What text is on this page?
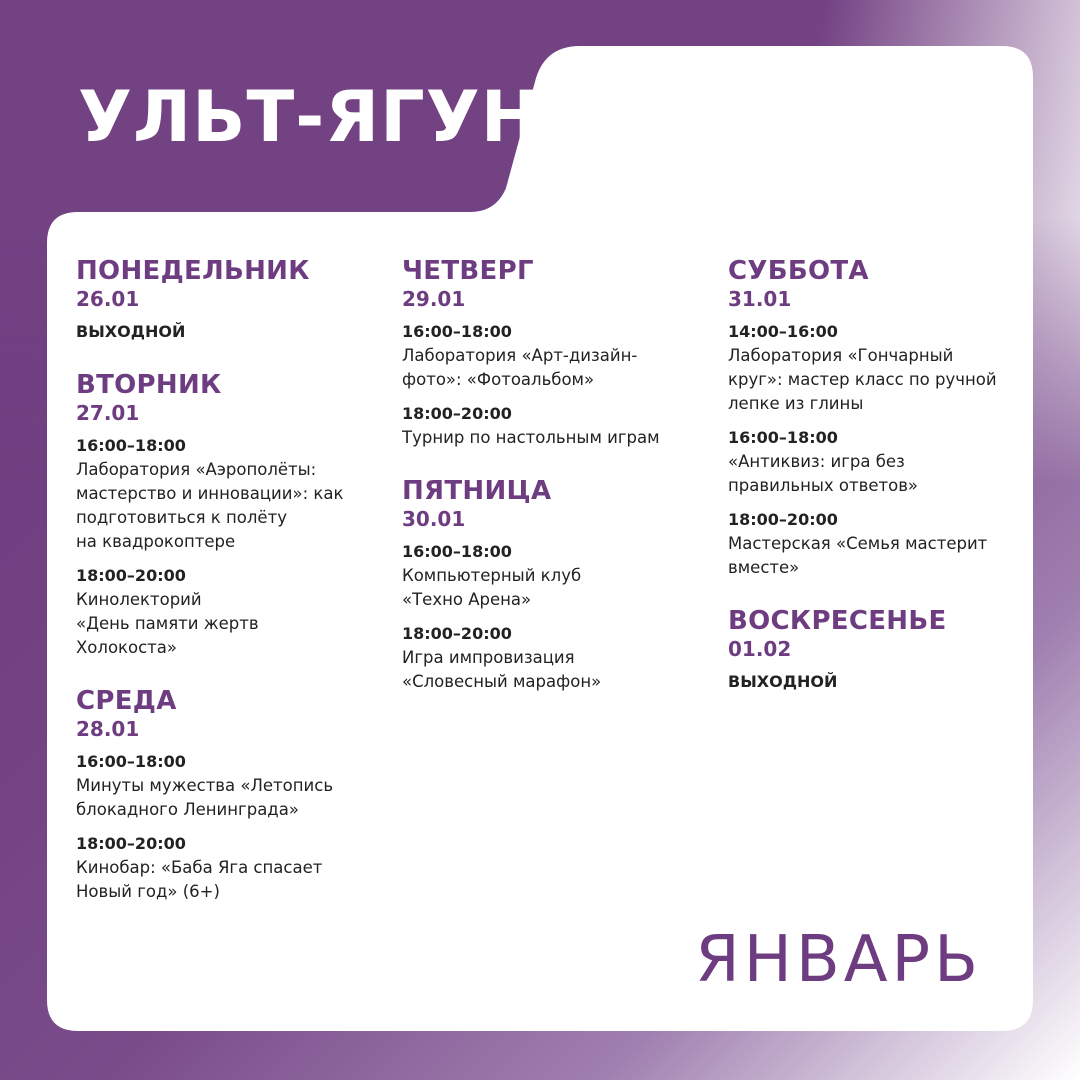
УЛЬТ-ЯГУН
ПОНЕДЕЛЬНИК
26.01
ВЫХОДНОЙ
ВТОРНИК
27.01
16:00–18:00
Лаборатория «Аэрополёты:
мастерство и инновации»: как
подготовиться к полёту
на квадрокоптере
18:00–20:00
Кинолекторий
«День памяти жертв
Холокоста»
СРЕДА
28.01
16:00–18:00
Минуты мужества «Летопись
блокадного Ленинграда»
18:00–20:00
Кинобар: «Баба Яга спасает
Новый год» (6+)
ЧЕТВЕРГ
29.01
16:00–18:00
Лаборатория «Арт-дизайн-
фото»: «Фотоальбом»
18:00–20:00
Турнир по настольным играм
ПЯТНИЦА
30.01
16:00–18:00
Компьютерный клуб
«Техно Арена»
18:00–20:00
Игра импровизация
«Словесный марафон»
СУББОТА
31.01
14:00–16:00
Лаборатория «Гончарный
круг»: мастер класс по ручной
лепке из глины
16:00–18:00
«Антиквиз: игра без
правильных ответов»
18:00–20:00
Мастерская «Семья мастерит
вместе»
ВОСКРЕСЕНЬЕ
01.02
ВЫХОДНОЙ
ЯНВАРЬ
